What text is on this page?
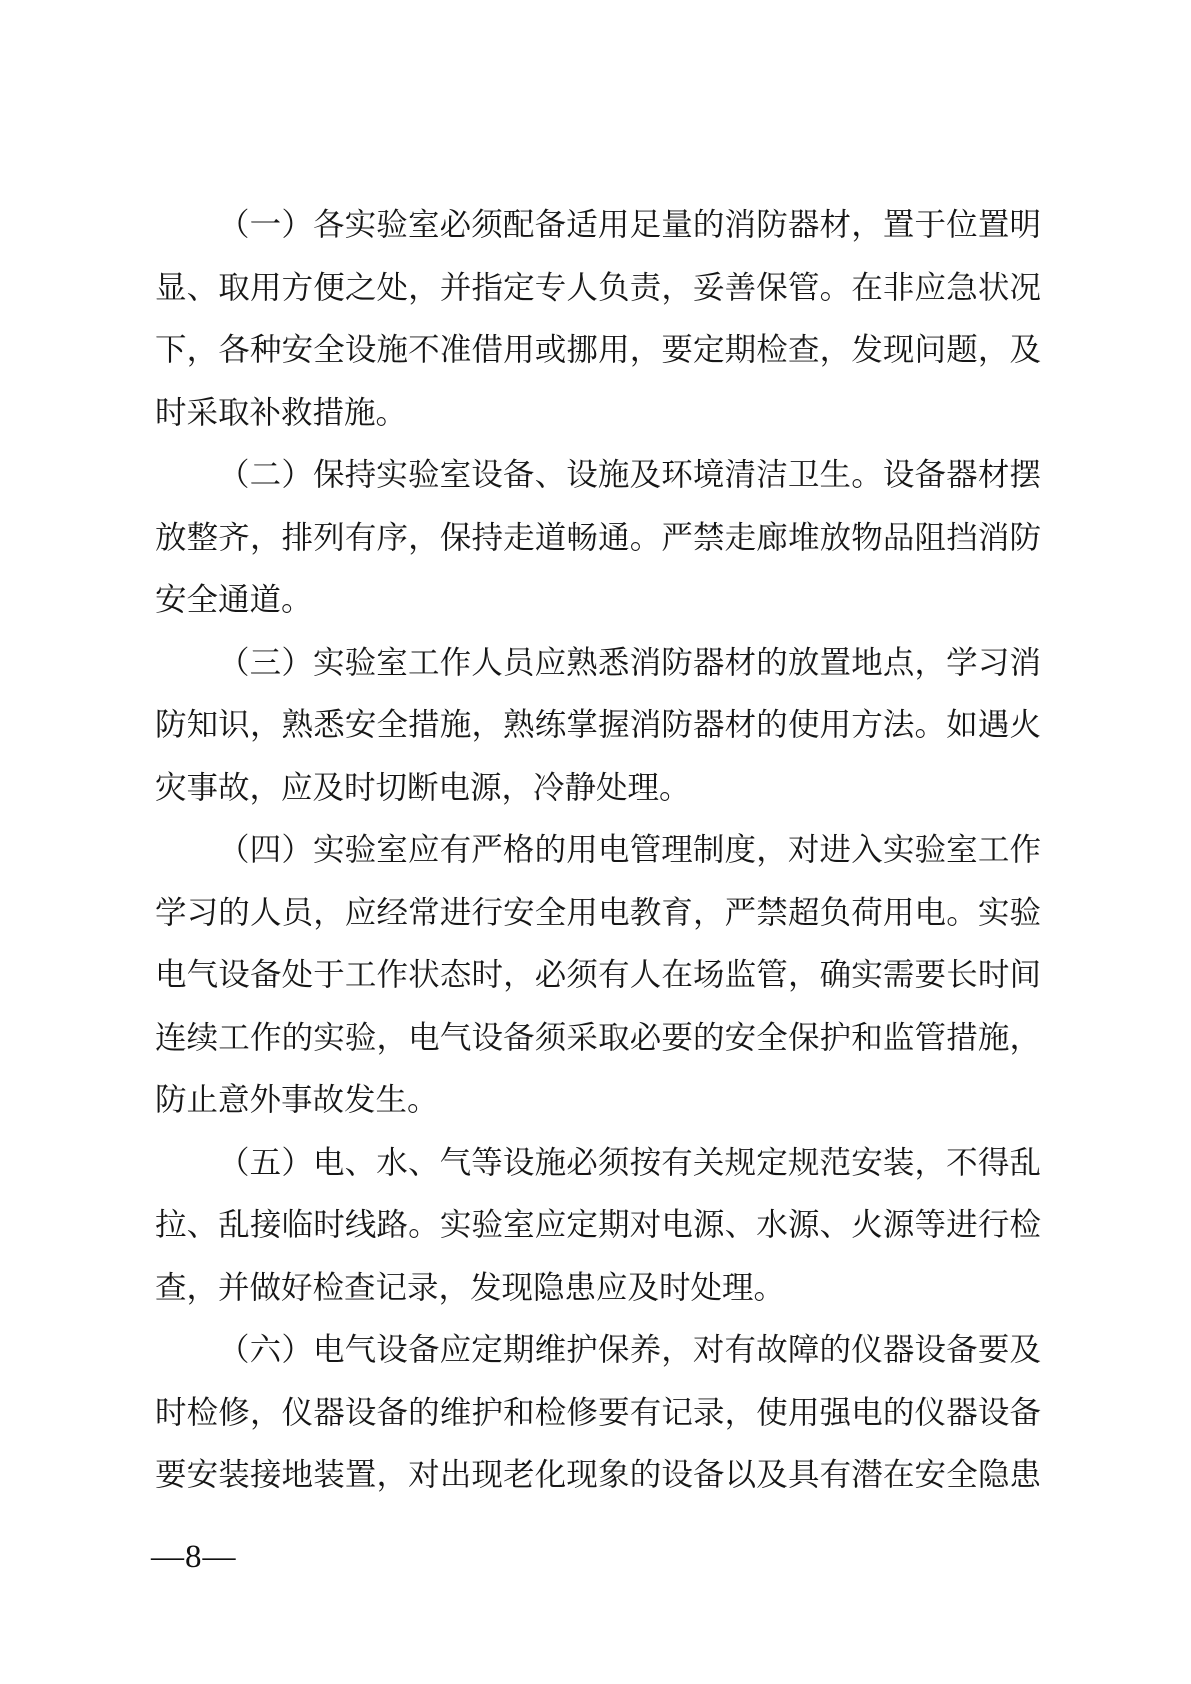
（一）各实验室必须配备适用足量的消防器材，置于位置明
显、取用方便之处，并指定专人负责，妥善保管。在非应急状况
下，各种安全设施不准借用或挪用，要定期检查，发现问题，及
时采取补救措施。
（二）保持实验室设备、设施及环境清洁卫生。设备器材摆
放整齐，排列有序，保持走道畅通。严禁走廊堆放物品阻挡消防
安全通道。
（三）实验室工作人员应熟悉消防器材的放置地点，学习消
防知识，熟悉安全措施，熟练掌握消防器材的使用方法。如遇火
灾事故，应及时切断电源，冷静处理。
（四）实验室应有严格的用电管理制度，对进入实验室工作
学习的人员，应经常进行安全用电教育，严禁超负荷用电。实验
电气设备处于工作状态时，必须有人在场监管，确实需要长时间
连续工作的实验，电气设备须采取必要的安全保护和监管措施，
防止意外事故发生。
（五）电、水、气等设施必须按有关规定规范安装，不得乱
拉、乱接临时线路。实验室应定期对电源、水源、火源等进行检
查，并做好检查记录，发现隐患应及时处理。
（六）电气设备应定期维护保养，对有故障的仪器设备要及
时检修，仪器设备的维护和检修要有记录，使用强电的仪器设备
要安装接地装置，对出现老化现象的设备以及具有潜在安全隐患
—8—
